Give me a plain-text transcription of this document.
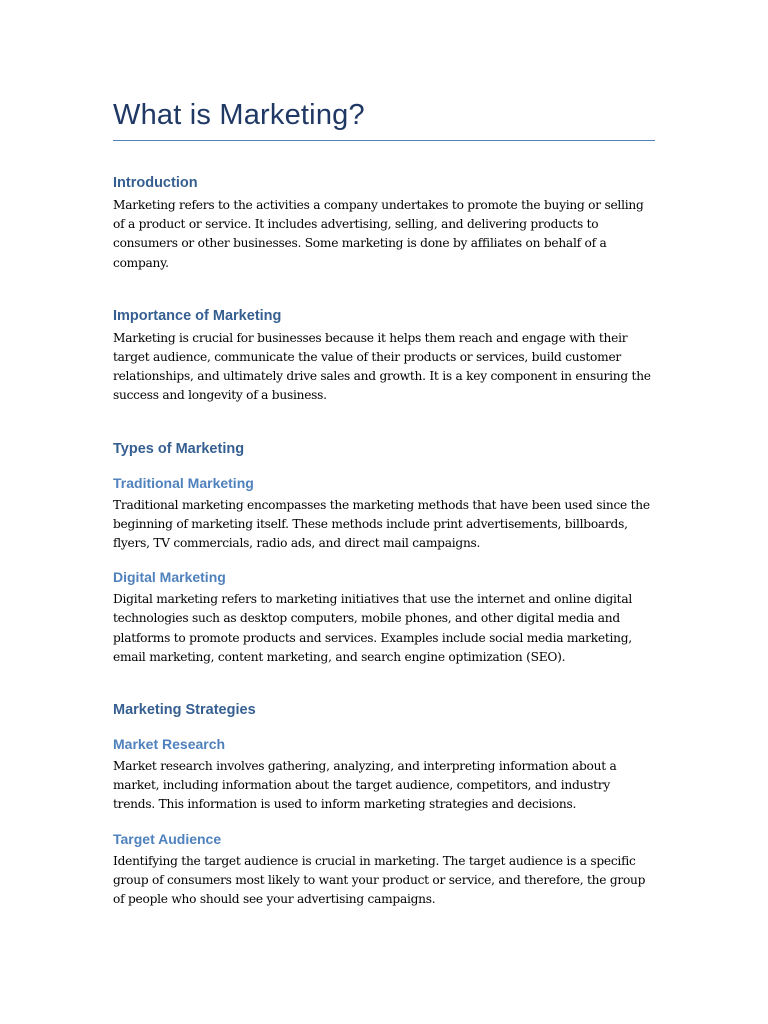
What is Marketing?
Introduction

Marketing refers to the activities a company undertakes to promote the buying or selling of a product or service. It includes advertising, selling, and delivering products to consumers or other businesses. Some marketing is done by affiliates on behalf of a company.

Importance of Marketing

Marketing is crucial for businesses because it helps them reach and engage with their target audience, communicate the value of their products or services, build customer relationships, and ultimately drive sales and growth. It is a key component in ensuring the success and longevity of a business.

Types of Marketing
Traditional Marketing

Traditional marketing encompasses the marketing methods that have been used since the beginning of marketing itself. These methods include print advertisements, billboards, flyers, TV commercials, radio ads, and direct mail campaigns.

Digital Marketing

Digital marketing refers to marketing initiatives that use the internet and online digital technologies such as desktop computers, mobile phones, and other digital media and platforms to promote products and services. Examples include social media marketing, email marketing, content marketing, and search engine optimization (SEO).

Marketing Strategies
Market Research

Market research involves gathering, analyzing, and interpreting information about a market, including information about the target audience, competitors, and industry trends. This information is used to inform marketing strategies and decisions.

Target Audience

Identifying the target audience is crucial in marketing. The target audience is a specific group of consumers most likely to want your product or service, and therefore, the group of people who should see your advertising campaigns.
